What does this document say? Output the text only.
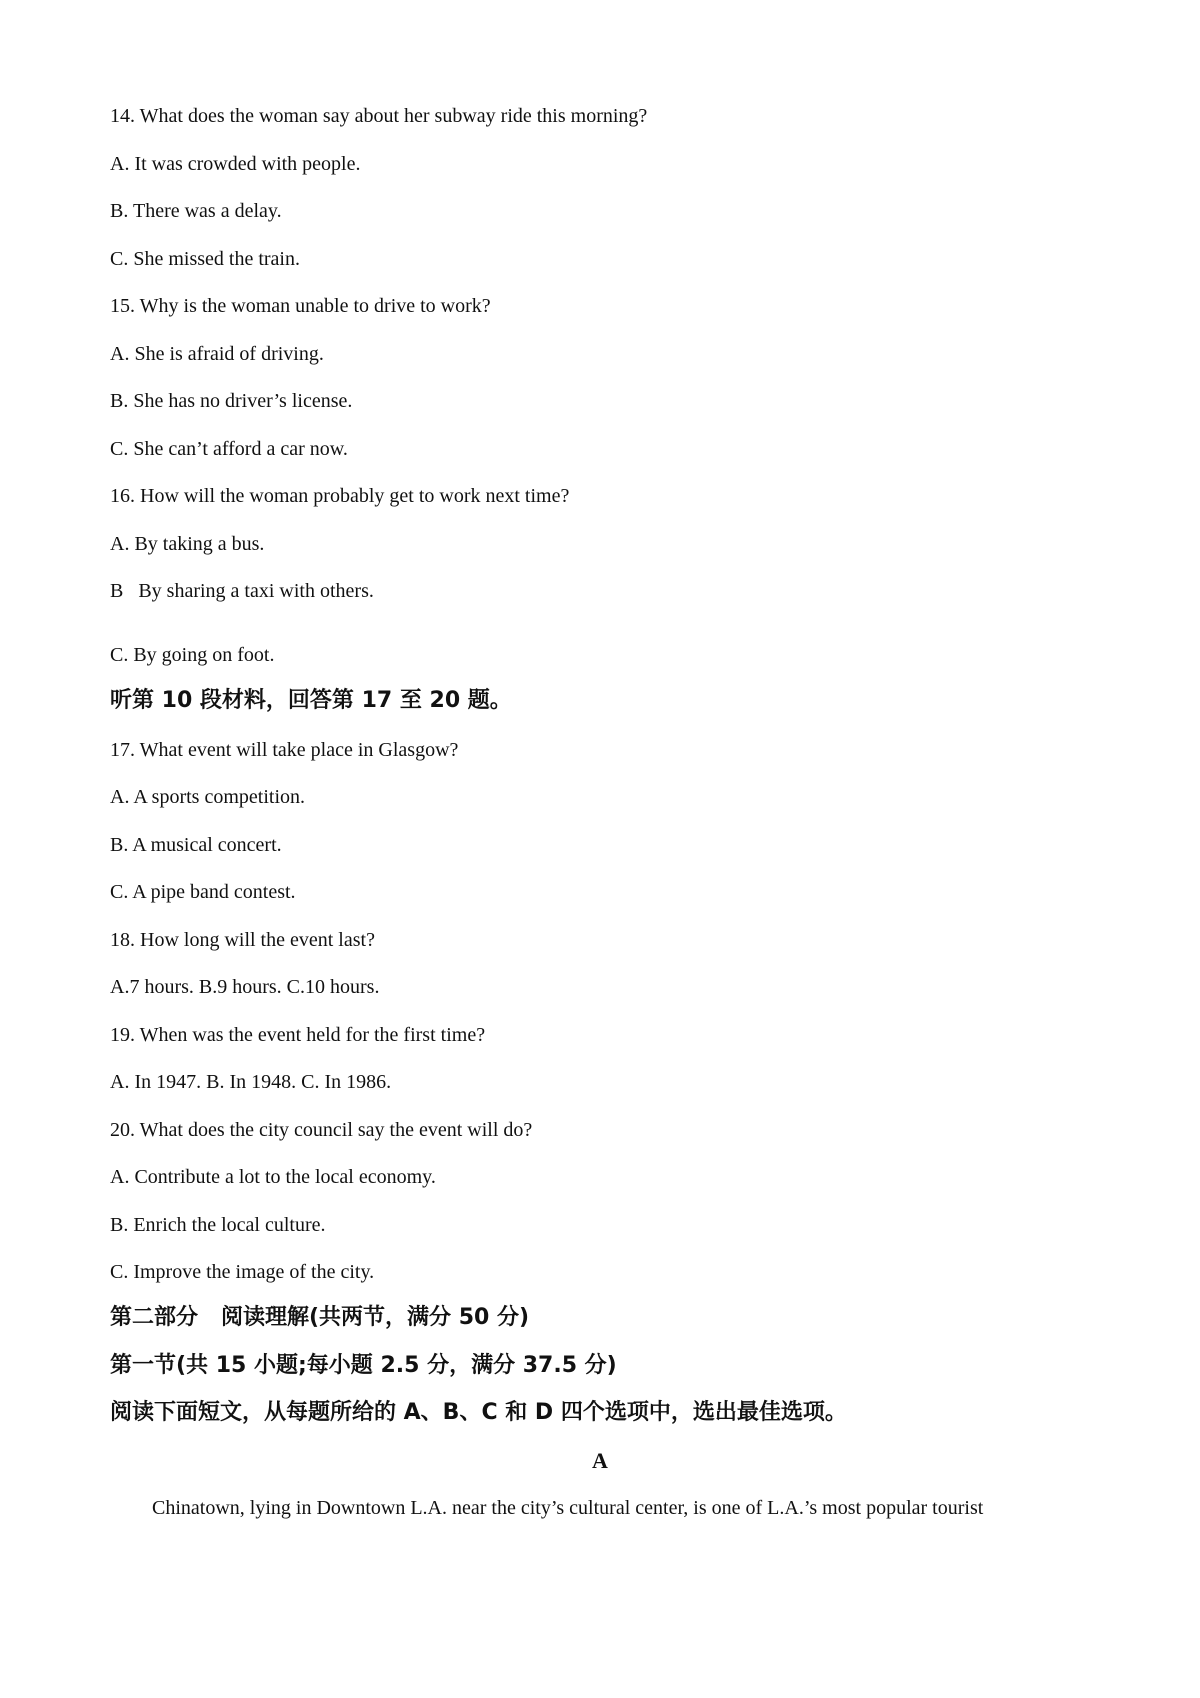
14. What does the woman say about her subway ride this morning?
A. It was crowded with people.
B. There was a delay.
C. She missed the train.
15. Why is the woman unable to drive to work?
A. She is afraid of driving.
B. She has no driver’s license.
C. She can’t afford a car now.
16. How will the woman probably get to work next time?
A. By taking a bus.
B   By sharing a taxi with others.
C. By going on foot.
听第 10 段材料，回答第 17 至 20 题。
17. What event will take place in Glasgow?
A. A sports competition.
B. A musical concert.
C. A pipe band contest.
18. How long will the event last?
A.7 hours. B.9 hours. C.10 hours.
19. When was the event held for the first time?
A. In 1947. B. In 1948. C. In 1986.
20. What does the city council say the event will do?
A. Contribute a lot to the local economy.
B. Enrich the local culture.
C. Improve the image of the city.
第二部分   阅读理解(共两节，满分 50 分)
第一节(共 15 小题;每小题 2.5 分，满分 37.5 分)
阅读下面短文，从每题所给的 A、B、C 和 D 四个选项中，选出最佳选项。
A
Chinatown, lying in Downtown L.A. near the city’s cultural center, is one of L.A.’s most popular tourist
